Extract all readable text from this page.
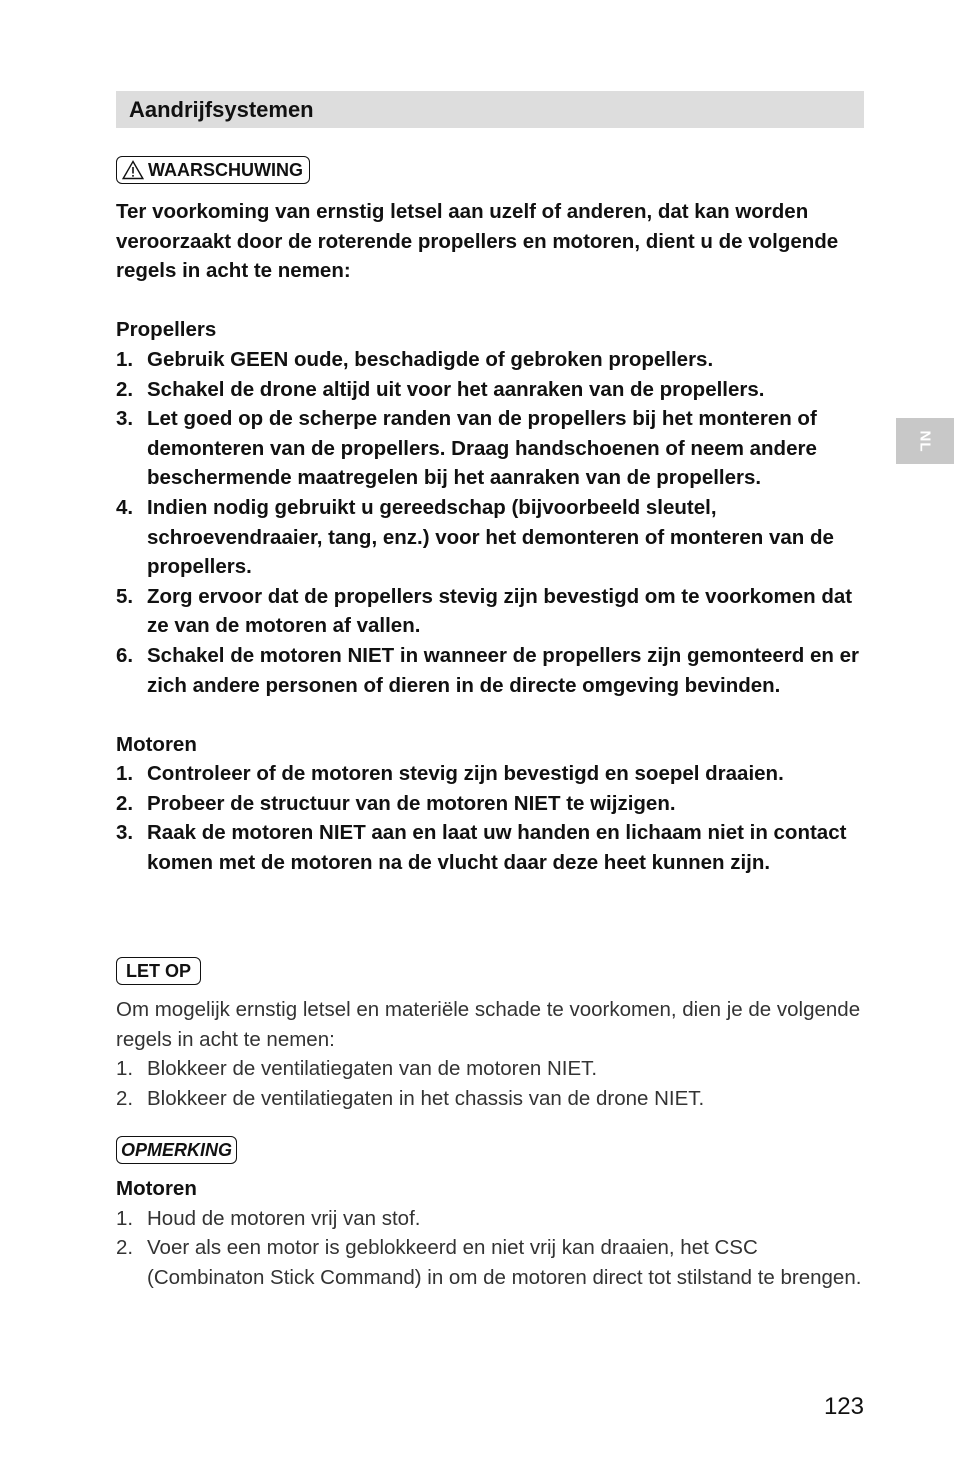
Aandrijfsystemen
WAARSCHUWING

Ter voorkoming van ernstig letsel aan uzelf of anderen, dat kan worden veroorzaakt door de roterende propellers en motoren, dient u de volgende regels in acht te nemen:

Propellers

1. Gebruik GEEN oude, beschadigde of gebroken propellers.
2. Schakel de drone altijd uit voor het aanraken van de propellers.
3. Let goed op de scherpe randen van de propellers bij het monteren of demonteren van de propellers. Draag handschoenen of neem andere beschermende maatregelen bij het aanraken van de propellers.
4. Indien nodig gebruikt u gereedschap (bijvoorbeeld sleutel, schroevendraaier, tang, enz.) voor het demonteren of monteren van de propellers.
5. Zorg ervoor dat de propellers stevig zijn bevestigd om te voorkomen dat ze van de motoren af vallen.
6. Schakel de motoren NIET in wanneer de propellers zijn gemonteerd en er zich andere personen of dieren in de directe omgeving bevinden.

Motoren

1. Controleer of de motoren stevig zijn bevestigd en soepel draaien.
2. Probeer de structuur van de motoren NIET te wijzigen.
3. Raak de motoren NIET aan en laat uw handen en lichaam niet in contact komen met de motoren na de vlucht daar deze heet kunnen zijn.
LET OP

Om mogelijk ernstig letsel en materiële schade te voorkomen, dien je de volgende regels in acht te nemen:

1. Blokkeer de ventilatiegaten van de motoren NIET.
2. Blokkeer de ventilatiegaten in het chassis van de drone NIET.
OPMERKING

Motoren

1. Houd de motoren vrij van stof.
2. Voer als een motor is geblokkeerd en niet vrij kan draaien, het CSC (Combinaton Stick Command) in om de motoren direct tot stilstand te brengen.
NL
123
